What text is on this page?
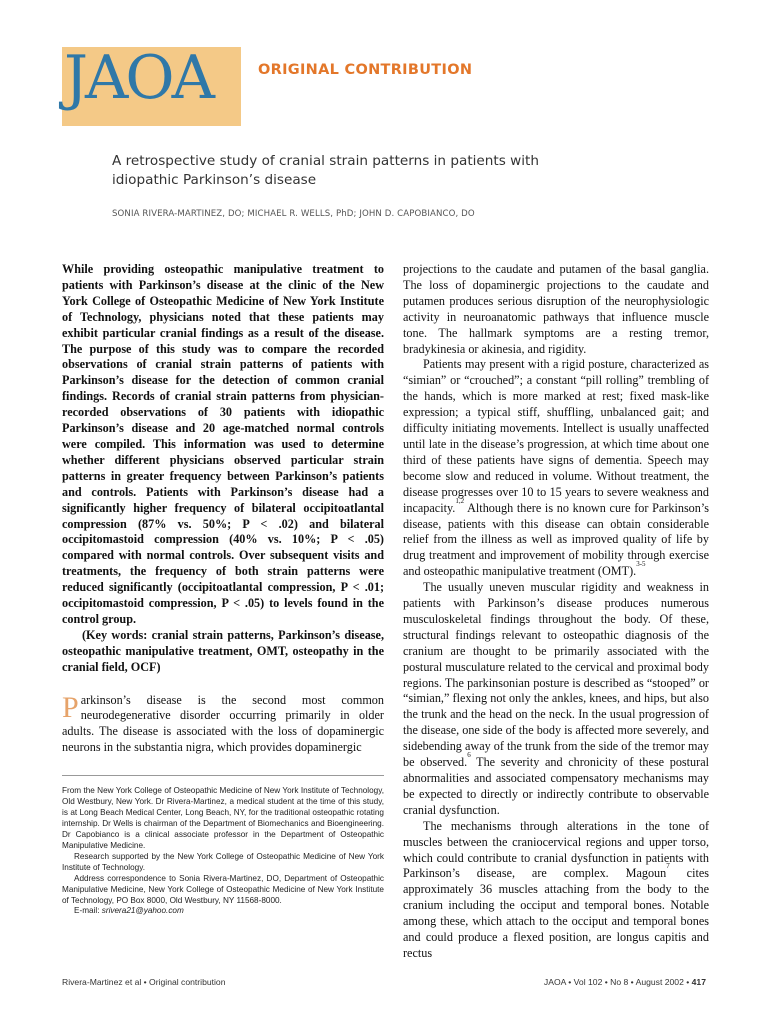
JAOA	ORIGINAL CONTRIBUTION
A retrospective study of cranial strain patterns in patients with
idiopathic Parkinson’s disease
SONIA RIVERA-MARTINEZ, DO; MICHAEL R. WELLS, PhD; JOHN D. CAPOBIANCO, DO

While providing osteopathic manipulative treatment to patients with Parkinson’s disease at the clinic of the New York College of Osteopathic Medicine of New York Institute of Technology, physicians noted that these patients may exhibit particular cranial findings as a result of the disease. The purpose of this study was to compare the recorded observations of cranial strain patterns of patients with Parkinson’s disease for the detection of common cranial findings. Records of cranial strain patterns from physician-recorded observations of 30 patients with idiopathic Parkinson’s disease and 20 age-matched normal controls were compiled. This information was used to determine whether different physicians observed particular strain patterns in greater frequency between Parkinson’s patients and controls. Patients with Parkinson’s disease had a significantly higher frequency of bilateral occipitoatlantal compression (87% vs. 50%; P < .02) and bilateral occipitomastoid compression (40% vs. 10%; P < .05) compared with normal controls. Over subsequent visits and treatments, the frequency of both strain patterns were reduced significantly (occipitoatlantal compression, P < .01; occipitomastoid compression, P < .05) to levels found in the control group.

(Key words: cranial strain patterns, Parkinson’s disease, osteopathic manipulative treatment, OMT, osteopathy in the cranial field, OCF)

Parkinson’s disease is the second most common neurodegenerative disorder occurring primarily in older adults. The disease is associated with the loss of dopaminergic neurons in the substantia nigra, which provides dopaminergic

projections to the caudate and putamen of the basal ganglia. The loss of dopaminergic projections to the caudate and putamen produces serious disruption of the neurophysiologic activity in neuroanatomic pathways that influence muscle tone. The hallmark symptoms are a resting tremor, bradykinesia or akinesia, and rigidity.

Patients may present with a rigid posture, characterized as “simian” or “crouched”; a constant “pill rolling” trembling of the hands, which is more marked at rest; fixed mask-like expression; a typical stiff, shuffling, unbalanced gait; and difficulty initiating movements. Intellect is usually unaffected until late in the disease’s progression, at which time about one third of these patients have signs of dementia. Speech may become slow and reduced in volume. Without treatment, the disease progresses over 10 to 15 years to severe weakness and incapacity.$^{1,2}$ Although there is no known cure for Parkinson’s disease, patients with this disease can obtain considerable relief from the illness as well as improved quality of life by drug treatment and improvement of mobility through exercise and osteopathic manipulative treatment (OMT).$^{3-5}$

The usually uneven muscular rigidity and weakness in patients with Parkinson’s disease produces numerous musculoskeletal findings throughout the body. Of these, structural findings relevant to osteopathic diagnosis of the cranium are thought to be primarily associated with the postural musculature related to the cervical and proximal body regions. The parkinsonian posture is described as “stooped” or “simian,” flexing not only the ankles, knees, and hips, but also the trunk and the head on the neck. In the usual progression of the disease, one side of the body is affected more severely, and sidebending away of the trunk from the side of the tremor may be observed.$^6$ The severity and chronicity of these postural abnormalities and associated compensatory mechanisms may be expected to directly or indirectly contribute to observable cranial dysfunction.

The mechanisms through alterations in the tone of muscles between the craniocervical regions and upper torso, which could contribute to cranial dysfunction in patients with Parkinson’s disease, are complex. Magoun$^7$ cites approximately 36 muscles attaching from the body to the cranium including the occiput and temporal bones. Notable among these, which attach to the occiput and temporal bones and could produce a flexed position, are longus capitis and rectus

From the New York College of Osteopathic Medicine of New York Institute of Technology, Old Westbury, New York. Dr Rivera-Martinez, a medical student at the time of this study, is at Long Beach Medical Center, Long Beach, NY, for the traditional osteopathic rotating internship. Dr Wells is chairman of the Department of Biomechanics and Bioengineering. Dr Capobianco is a clinical associate professor in the Department of Osteopathic Manipulative Medicine.

Research supported by the New York College of Osteopathic Medicine of New York Institute of Technology.

Address correspondence to Sonia Rivera-Martinez, DO, Department of Osteopathic Manipulative Medicine, New York College of Osteopathic Medicine of New York Institute of Technology, PO Box 8000, Old Westbury, NY 11568-8000.

E-mail: srivera21@yahoo.com

Rivera-Martinez et al • Original contribution	JAOA • Vol 102 • No 8 • August 2002 • 417
